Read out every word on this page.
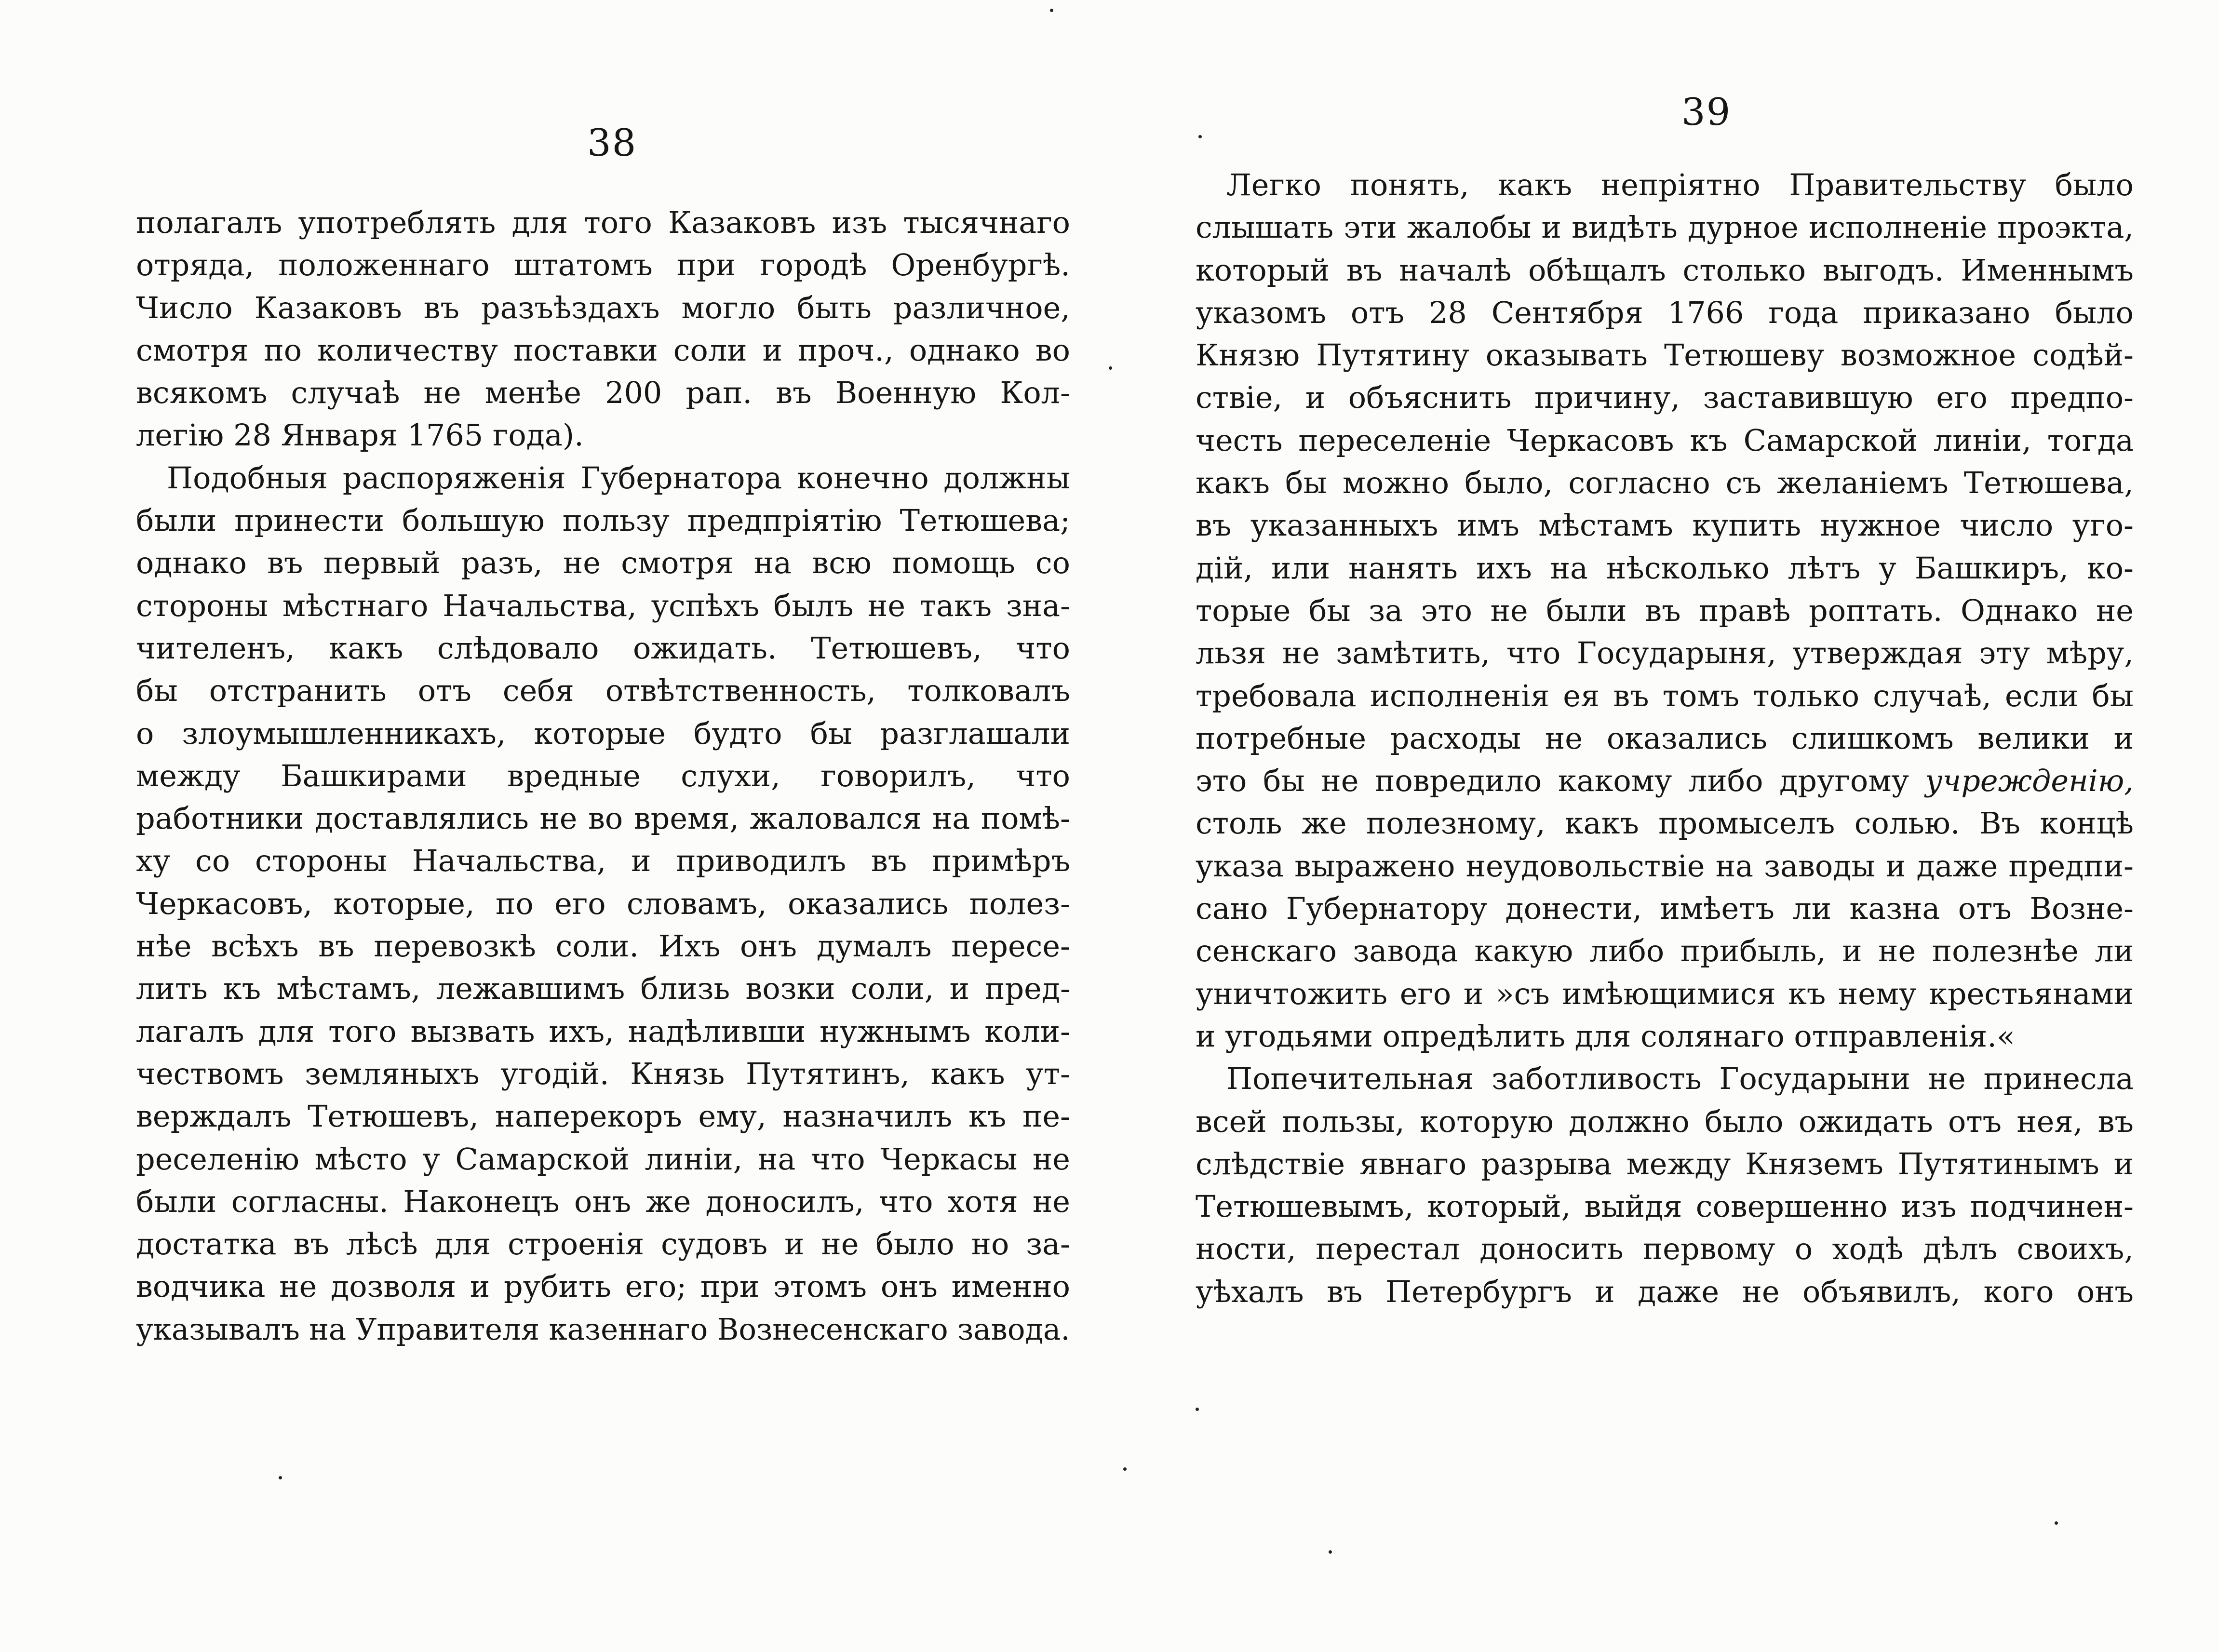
38
полагалъ употреблять для того Казаковъ изъ тысячнаго
отряда, положеннаго штатомъ при городѣ Оренбургѣ.
Число Казаковъ въ разъѣздахъ могло быть различное,
смотря по количеству поставки соли и проч., однако во
всякомъ случаѣ не менѣе 200 рап. въ Военную Кол-
легію 28 Января 1765 года).
Подобныя распоряженія Губернатора конечно должны
были принести большую пользу предпріятію Тетюшева;
однако въ первый разъ, не смотря на всю помощь со
стороны мѣстнаго Начальства, успѣхъ былъ не такъ зна-
чителенъ, какъ слѣдовало ожидать. Тетюшевъ, что
бы отстранить отъ себя отвѣтственность, толковалъ
о злоумышленникахъ, которые будто бы разглашали
между Башкирами вредные слухи, говорилъ, что
работники доставлялись не во время, жаловался на помѣ-
ху со стороны Начальства, и приводилъ въ примѣръ
Черкасовъ, которые, по его словамъ, оказались полез-
нѣе всѣхъ въ перевозкѣ соли. Ихъ онъ думалъ пересе-
лить къ мѣстамъ, лежавшимъ близь возки соли, и пред-
лагалъ для того вызвать ихъ, надѣливши нужнымъ коли-
чествомъ земляныхъ угодій. Князь Путятинъ, какъ ут-
верждалъ Тетюшевъ, наперекоръ ему, назначилъ къ пе-
реселенію мѣсто у Самарской линіи, на что Черкасы не
были согласны. Наконецъ онъ же доносилъ, что хотя не
достатка въ лѣсѣ для строенія судовъ и не было но за-
водчика не дозволя и рубить его; при этомъ онъ именно
указывалъ на Управителя казеннаго Вознесенскаго завода.
39
Легко понять, какъ непріятно Правительству было
слышать эти жалобы и видѣть дурное исполненіе проэкта,
который въ началѣ обѣщалъ столько выгодъ. Именнымъ
указомъ отъ 28 Сентября 1766 года приказано было
Князю Путятину оказывать Тетюшеву возможное содѣй-
ствіе, и объяснить причину, заставившую его предпо-
честь переселеніе Черкасовъ къ Самарской линіи, тогда
какъ бы можно было, согласно съ желаніемъ Тетюшева,
въ указанныхъ имъ мѣстамъ купить нужное число уго-
дій, или нанять ихъ на нѣсколько лѣтъ у Башкиръ, ко-
торые бы за это не были въ правѣ роптать. Однако не
льзя не замѣтить, что Государыня, утверждая эту мѣру,
требовала исполненія ея въ томъ только случаѣ, если бы
потребные расходы не оказались слишкомъ велики и
это бы не повредило какому либо другому учрежденію,
столь же полезному, какъ промыселъ солью. Въ концѣ
указа выражено неудовольствіе на заводы и даже предпи-
сано Губернатору донести, имѣетъ ли казна отъ Возне-
сенскаго завода какую либо прибыль, и не полезнѣе ли
уничтожить его и »съ имѣющимися къ нему крестьянами
и угодьями опредѣлить для солянаго отправленія.«
Попечительная заботливость Государыни не принесла
всей пользы, которую должно было ожидать отъ нея, въ
слѣдствіе явнаго разрыва между Княземъ Путятинымъ и
Тетюшевымъ, который, выйдя совершенно изъ подчинен-
ности, перестал доносить первому о ходѣ дѣлъ своихъ,
уѣхалъ въ Петербургъ и даже не объявилъ, кого онъ
